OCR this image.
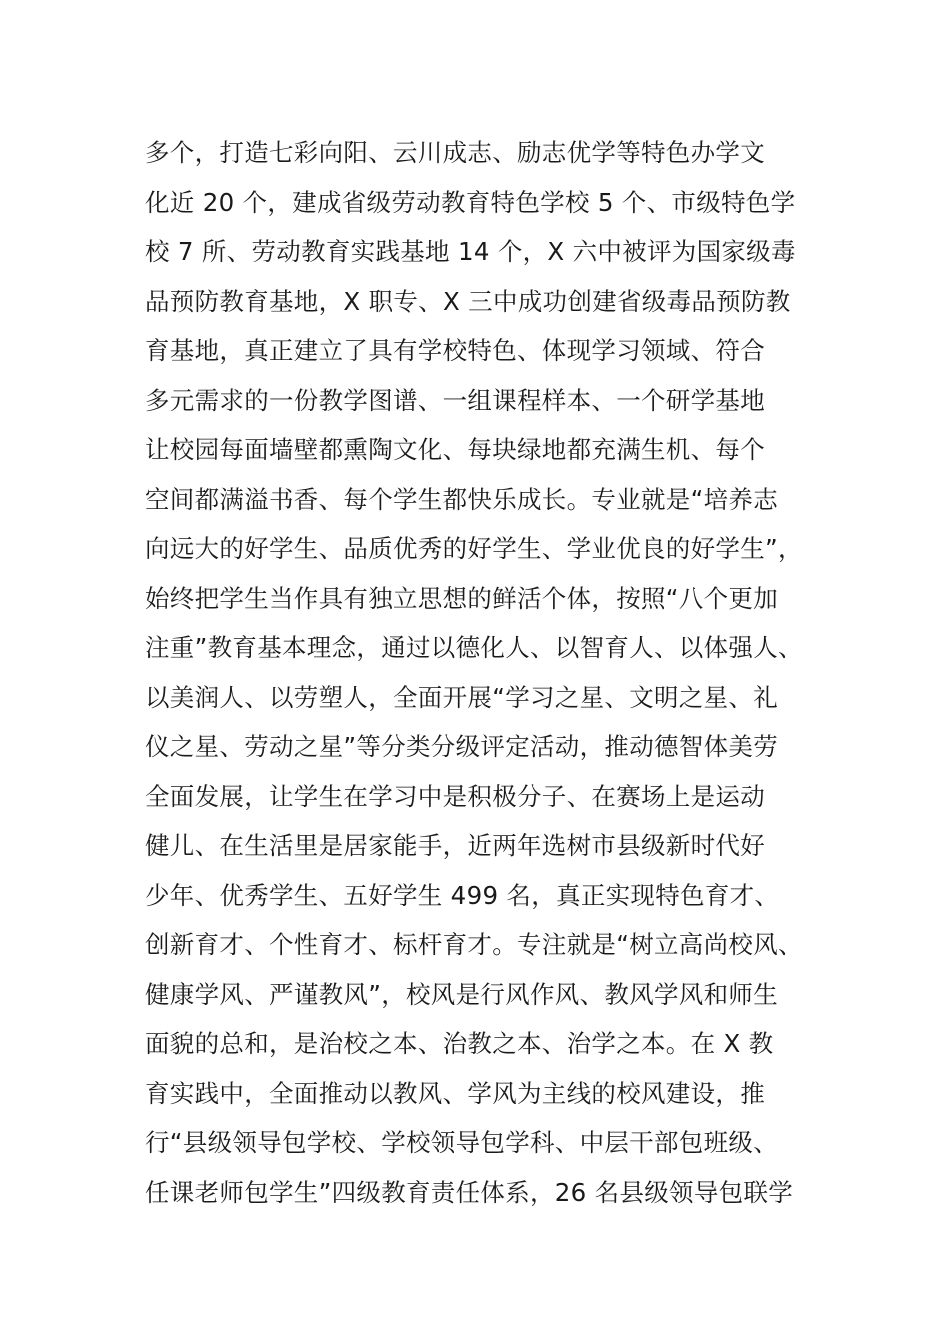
多个，打造七彩向阳、云川成志、励志优学等特色办学文
化近 20 个，建成省级劳动教育特色学校 5 个、市级特色学
校 7 所、劳动教育实践基地 14 个，X 六中被评为国家级毒
品预防教育基地，X 职专、X 三中成功创建省级毒品预防教
育基地，真正建立了具有学校特色、体现学习领域、符合
多元需求的一份教学图谱、一组课程样本、一个研学基地
让校园每面墙壁都熏陶文化、每块绿地都充满生机、每个
空间都满溢书香、每个学生都快乐成长。专业就是“培养志
向远大的好学生、品质优秀的好学生、学业优良的好学生”，
始终把学生当作具有独立思想的鲜活个体，按照“八个更加
注重”教育基本理念，通过以德化人、以智育人、以体强人、
以美润人、以劳塑人，全面开展“学习之星、文明之星、礼
仪之星、劳动之星”等分类分级评定活动，推动德智体美劳
全面发展，让学生在学习中是积极分子、在赛场上是运动
健儿、在生活里是居家能手，近两年选树市县级新时代好
少年、优秀学生、五好学生 499 名，真正实现特色育才、
创新育才、个性育才、标杆育才。专注就是“树立高尚校风、
健康学风、严谨教风”，校风是行风作风、教风学风和师生
面貌的总和，是治校之本、治教之本、治学之本。在 X 教
育实践中，全面推动以教风、学风为主线的校风建设，推
行“县级领导包学校、学校领导包学科、中层干部包班级、
任课老师包学生”四级教育责任体系，26 名县级领导包联学
